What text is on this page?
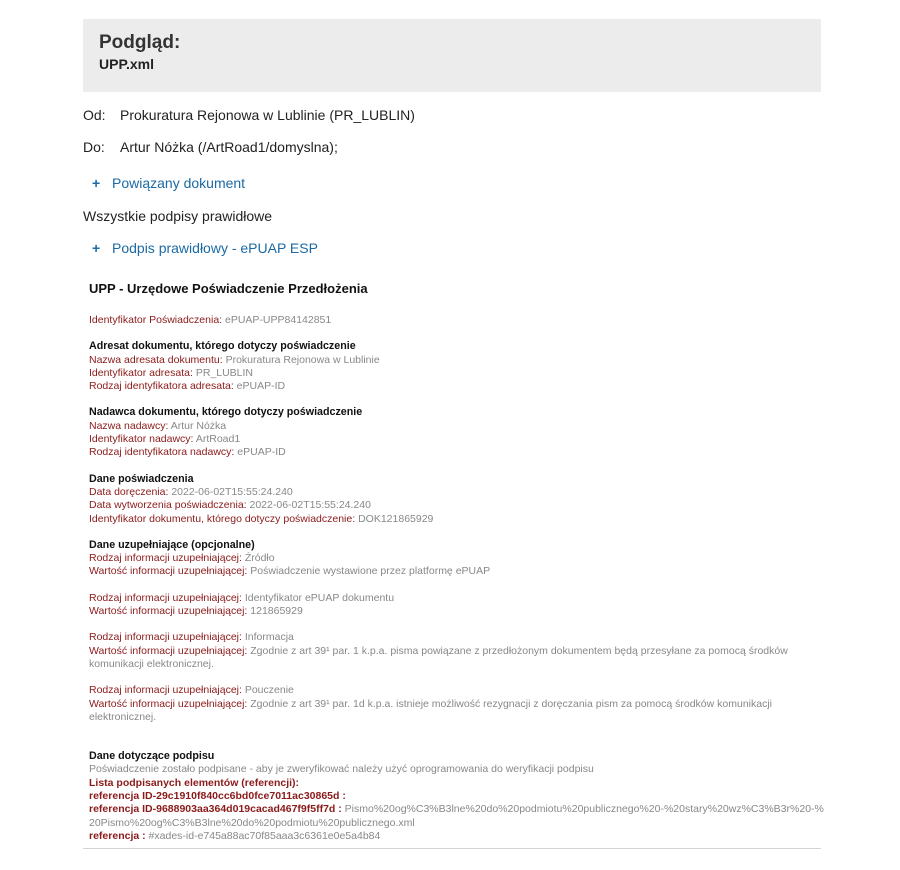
Podgląd:
UPP.xml
Od: Prokuratura Rejonowa w Lublinie (PR_LUBLIN)
Do: Artur Nóżka (/ArtRoad1/domyslna);
+ Powiązany dokument
Wszystkie podpisy prawidłowe
+ Podpis prawidłowy - ePUAP ESP
UPP - Urzędowe Poświadczenie Przedłożenia
Identyfikator Poświadczenia: ePUAP-UPP84142851
Adresat dokumentu, którego dotyczy poświadczenie
Nazwa adresata dokumentu: Prokuratura Rejonowa w Lublinie
Identyfikator adresata: PR_LUBLIN
Rodzaj identyfikatora adresata: ePUAP-ID
Nadawca dokumentu, którego dotyczy poświadczenie
Nazwa nadawcy: Artur Nóżka
Identyfikator nadawcy: ArtRoad1
Rodzaj identyfikatora nadawcy: ePUAP-ID
Dane poświadczenia
Data doręczenia: 2022-06-02T15:55:24.240
Data wytworzenia poświadczenia: 2022-06-02T15:55:24.240
Identyfikator dokumentu, którego dotyczy poświadczenie: DOK121865929
Dane uzupełniające (opcjonalne)
Rodzaj informacji uzupełniającej: Źródło
Wartość informacji uzupełniającej: Poświadczenie wystawione przez platformę ePUAP
Rodzaj informacji uzupełniającej: Identyfikator ePUAP dokumentu
Wartość informacji uzupełniającej: 121865929
Rodzaj informacji uzupełniającej: Informacja
Wartość informacji uzupełniającej: Zgodnie z art 39¹ par. 1 k.p.a. pisma powiązane z przedłożonym dokumentem będą przesyłane za pomocą środków komunikacji elektronicznej.
Rodzaj informacji uzupełniającej: Pouczenie
Wartość informacji uzupełniającej: Zgodnie z art 39¹ par. 1d k.p.a. istnieje możliwość rezygnacji z doręczania pism za pomocą środków komunikacji elektronicznej.
Dane dotyczące podpisu
Poświadczenie zostało podpisane - aby je zweryfikować należy użyć oprogramowania do weryfikacji podpisu
Lista podpisanych elementów (referencji):
referencja ID-29c1910f840cc6bd0fce7011ac30865d :
referencja ID-9688903aa364d019cacad467f9f5ff7d : Pismo%20og%C3%B3lne%20do%20podmiotu%20publicznego%20-%20stary%20wz%C3%B3r%20-%20Pismo%20og%C3%B3lne%20do%20podmiotu%20publicznego.xml
referencja : #xades-id-e745a88ac70f85aaa3c6361e0e5a4b84
